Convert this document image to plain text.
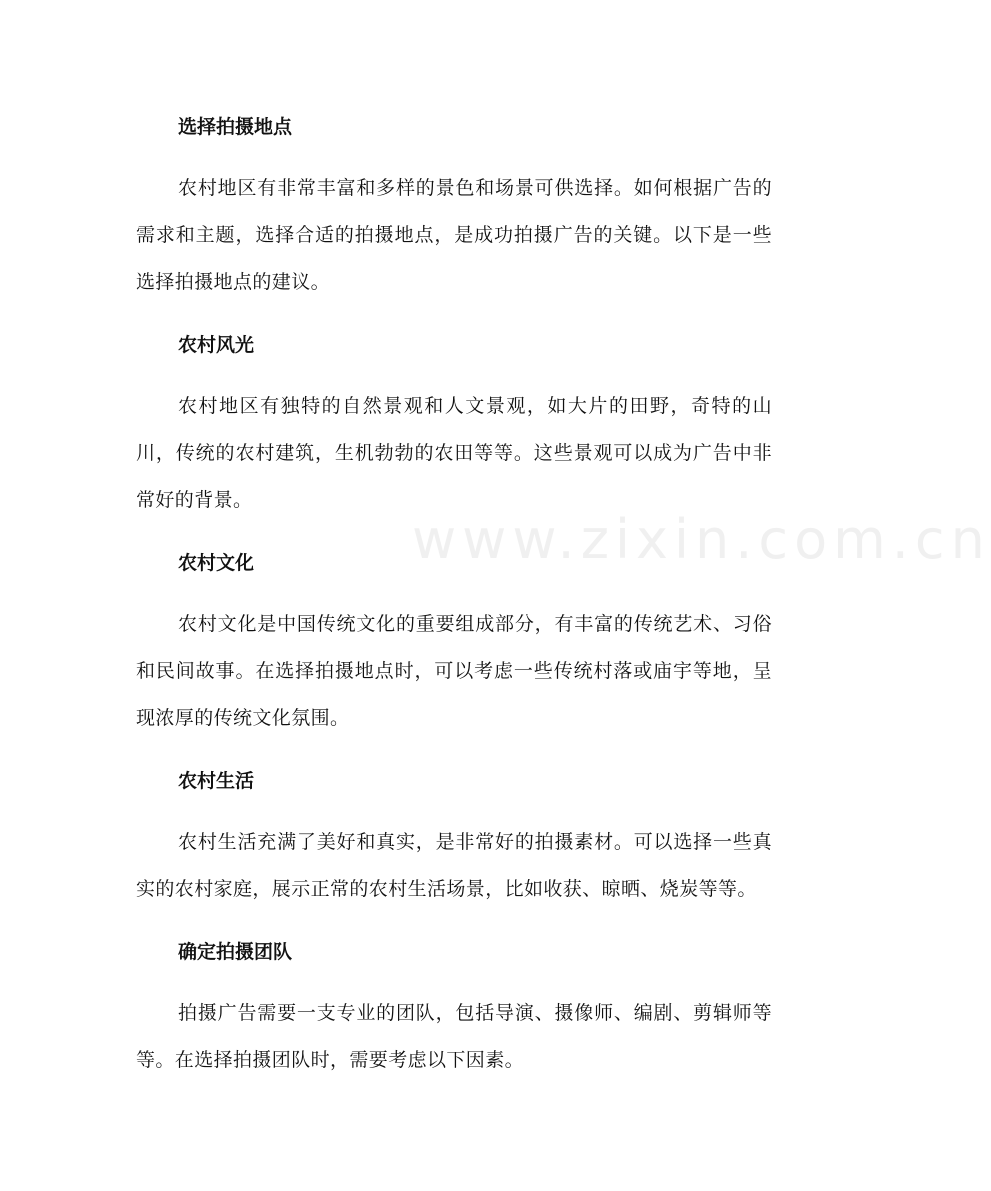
www.zixin.com.cn
选择拍摄地点

农村地区有非常丰富和多样的景色和场景可供选择。如何根据广告的需求和主题，选择合适的拍摄地点，是成功拍摄广告的关键。以下是一些选择拍摄地点的建议。

农村风光

农村地区有独特的自然景观和人文景观，如大片的田野，奇特的山川，传统的农村建筑，生机勃勃的农田等等。这些景观可以成为广告中非常好的背景。

农村文化

农村文化是中国传统文化的重要组成部分，有丰富的传统艺术、习俗和民间故事。在选择拍摄地点时，可以考虑一些传统村落或庙宇等地，呈现浓厚的传统文化氛围。

农村生活

农村生活充满了美好和真实，是非常好的拍摄素材。可以选择一些真实的农村家庭，展示正常的农村生活场景，比如收获、晾晒、烧炭等等。

确定拍摄团队

拍摄广告需要一支专业的团队，包括导演、摄像师、编剧、剪辑师等等。在选择拍摄团队时，需要考虑以下因素。
